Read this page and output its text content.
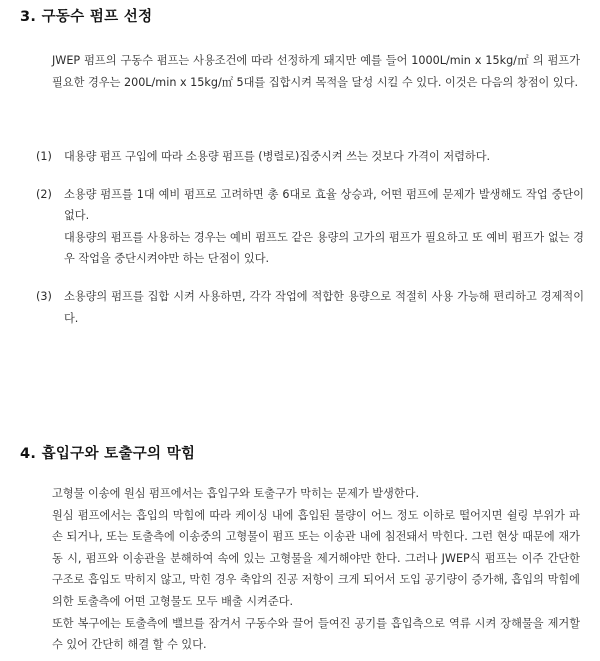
3. 구동수 펌프 선정

JWEP 펌프의 구동수 펌프는 사용조건에 따라 선정하게 돼지만 예를 들어 1000L/min x 15kg/㎡ 의 펌프가 필요한 경우는 200L/min x 15kg/㎡ 5대를 집합시켜 목적을 달성 시킬 수 있다. 이것은 다음의 창점이 있다.

(1)	대용량 펌프 구입에 따라 소용량 펌프를 (병렬로)집중시켜 쓰는 것보다 가격이 저렴하다.

(2)	소용량 펌프를 1대 예비 펌프로 고려하면 총 6대로 효율 상승과, 어떤 펌프에 문제가 발생해도 작업 중단이 없다.

대용량의 펌프를 사용하는 경우는 예비 펌프도 같은 용량의 고가의 펌프가 필요하고 또 예비 펌프가 없는 경우 작업을 중단시켜야만 하는 단점이 있다.

(3)	소용량의 펌프를 집합 시켜 사용하면, 각각 작업에 적합한 용량으로 적절히 사용 가능해 편리하고 경제적이다.

4. 흡입구와 토출구의 막힘

고형물 이송에 원심 펌프에서는 흡입구와 토출구가 막히는 문제가 발생한다.

원심 펌프에서는 흡입의 막힘에 따라 케이싱 내에 흡입된 물량이 어느 정도 이하로 떨어지면 쉴링 부위가 파손 되거나, 또는 토출측에 이송중의 고형물이 펌프 또는 이송관 내에 침전돼서 막힌다. 그런 현상 때문에 재가동 시, 펌프와 이송관을 분해하여 속에 있는 고형물을 제거해야만 한다. 그러나 JWEP식 펌프는 이주 간단한 구조로 흡입도 막히지 않고, 막힌 경우 축압의 진공 저항이 크게 되어서 도입 공기량이 증가해, 흡입의 막힘에 의한 토출측에 어떤 고형물도 모두 배출 시켜준다.

또한 복구에는 토출측에 밸브를 잠겨서 구동수와 끌어 들여진 공기를 흡입측으로 역류 시켜 장해물을 제거할 수 있어 간단히 해결 할 수 있다.
